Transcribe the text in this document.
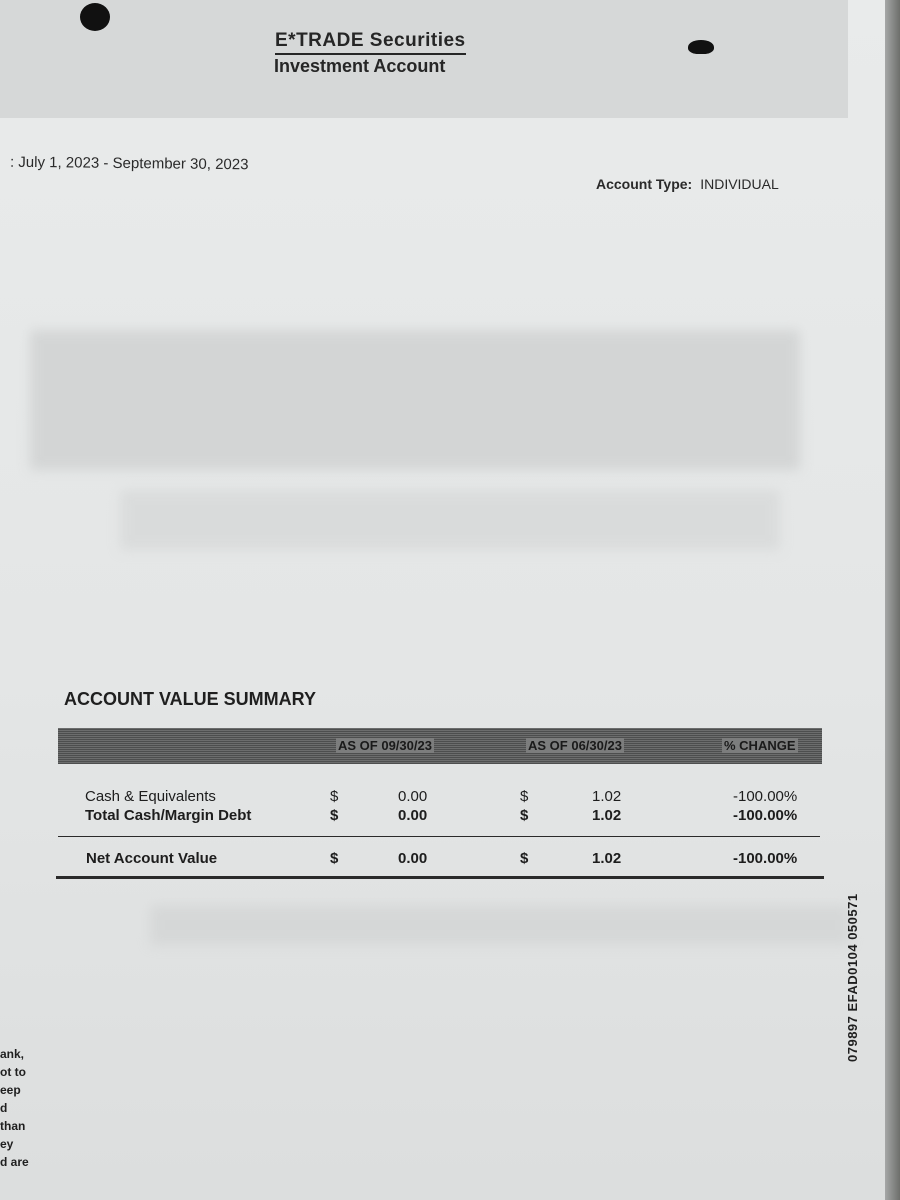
E*TRADE Securities
Investment Account
: July 1, 2023 - September 30, 2023
Account Type: INDIVIDUAL
ACCOUNT VALUE SUMMARY
AS OF 09/30/23	AS OF 06/30/23	% CHANGE
Cash & Equivalents	$	0.00	$	1.02	-100.00%
Total Cash/Margin Debt	$	0.00	$	1.02	-100.00%
Net Account Value	$	0.00	$	1.02	-100.00%
079897 EFAD0104 050571
ank,
ot to
eep
d
than
ey
d are
